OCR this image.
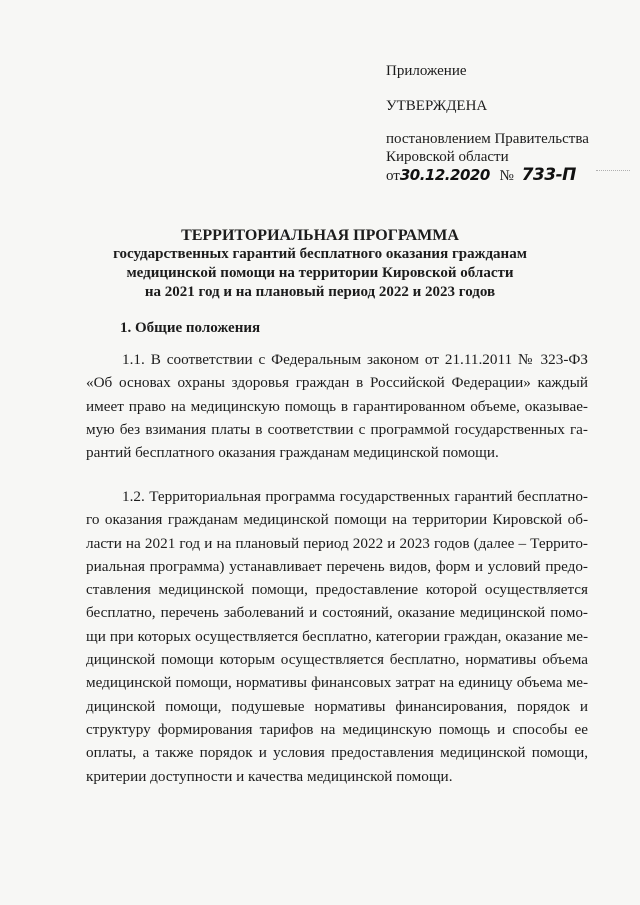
Приложение
УТВЕРЖДЕНА
постановлением Правительства
Кировской области
от30.12.2020 № 733-П
ТЕРРИТОРИАЛЬНАЯ ПРОГРАММА
государственных гарантий бесплатного оказания гражданам
медицинской помощи на территории Кировской области
на 2021 год и на плановый период 2022 и 2023 годов
1. Общие положения
1.1. В соответствии с Федеральным законом от 21.11.2011 № 323-ФЗ
«Об основах охраны здоровья граждан в Российской Федерации» каждый
имеет право на медицинскую помощь в гарантированном объеме, оказывае-
мую без взимания платы в соответствии с программой государственных га-
рантий бесплатного оказания гражданам медицинской помощи.
1.2. Территориальная программа государственных гарантий бесплатно-
го оказания гражданам медицинской помощи на территории Кировской об-
ласти на 2021 год и на плановый период 2022 и 2023 годов (далее – Террито-
риальная программа) устанавливает перечень видов, форм и условий предо-
ставления медицинской помощи, предоставление которой осуществляется
бесплатно, перечень заболеваний и состояний, оказание медицинской помо-
щи при которых осуществляется бесплатно, категории граждан, оказание ме-
дицинской помощи которым осуществляется бесплатно, нормативы объема
медицинской помощи, нормативы финансовых затрат на единицу объема ме-
дицинской помощи, подушевые нормативы финансирования, порядок и
структуру формирования тарифов на медицинскую помощь и способы ее
оплаты, а также порядок и условия предоставления медицинской помощи,
критерии доступности и качества медицинской помощи.
